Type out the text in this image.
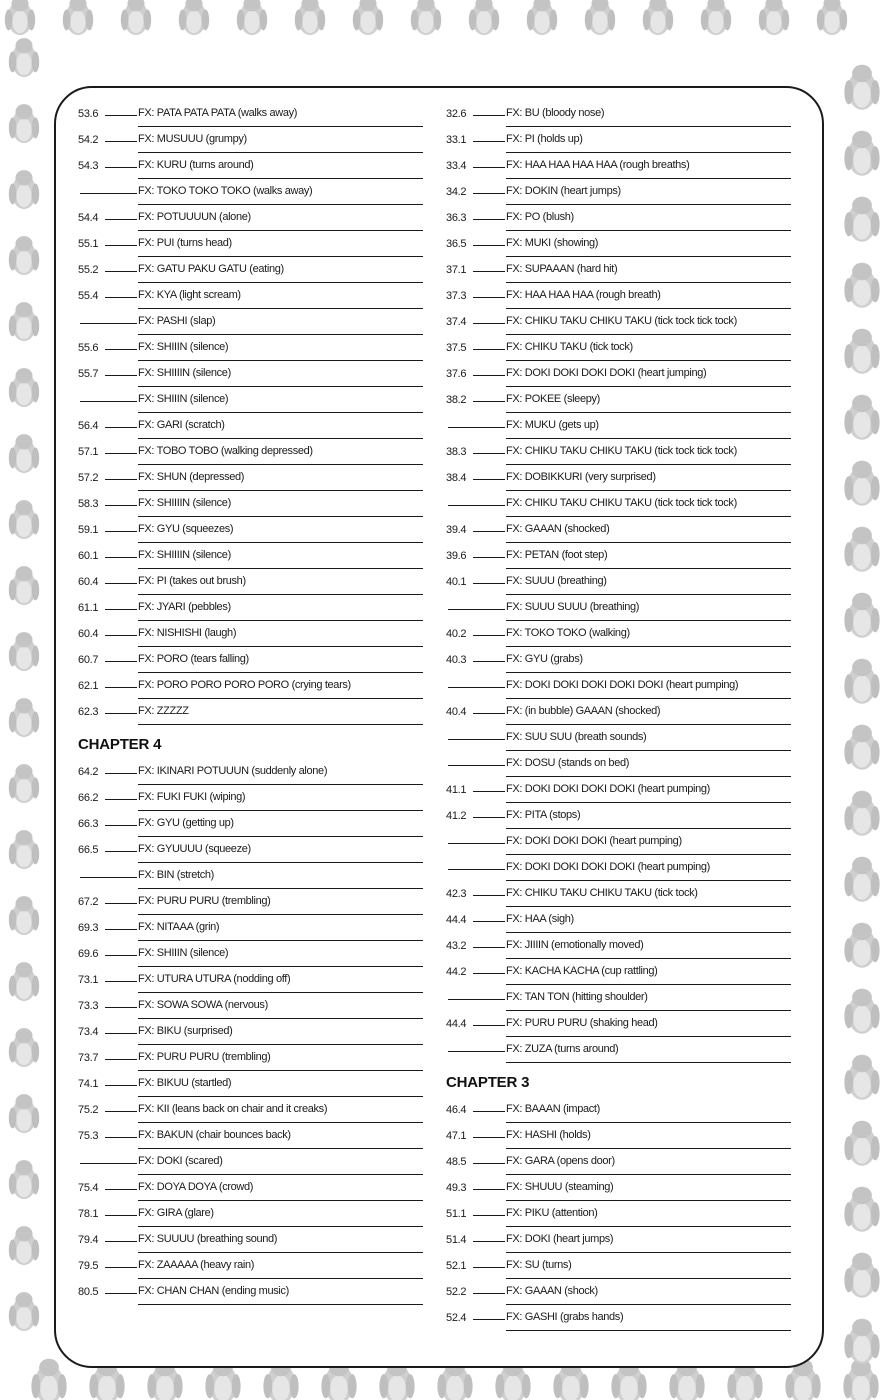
53.6	FX: PATA PATA PATA (walks away)
54.2	FX: MUSUUU (grumpy)
54.3	FX: KURU (turns around)
FX: TOKO TOKO TOKO (walks away)
54.4	FX: POTUUUUN (alone)
55.1	FX: PUI (turns head)
55.2	FX: GATU PAKU GATU (eating)
55.4	FX: KYA (light scream)
FX: PASHI (slap)
55.6	FX: SHIIIN (silence)
55.7	FX: SHIIIIN (silence)
FX: SHIIIN (silence)
56.4	FX: GARI (scratch)
57.1	FX: TOBO TOBO (walking depressed)
57.2	FX: SHUN (depressed)
58.3	FX: SHIIIIN (silence)
59.1	FX: GYU (squeezes)
60.1	FX: SHIIIIN (silence)
60.4	FX: PI (takes out brush)
61.1	FX: JYARI (pebbles)
60.4	FX: NISHISHI (laugh)
60.7	FX: PORO (tears falling)
62.1	FX: PORO PORO PORO PORO (crying tears)
62.3	FX: ZZZZZ
CHAPTER 4
64.2	FX: IKINARI POTUUUN (suddenly alone)
66.2	FX: FUKI FUKI (wiping)
66.3	FX: GYU (getting up)
66.5	FX: GYUUUU (squeeze)
FX: BIN (stretch)
67.2	FX: PURU PURU (trembling)
69.3	FX: NITAAA (grin)
69.6	FX: SHIIIN (silence)
73.1	FX: UTURA UTURA (nodding off)
73.3	FX: SOWA SOWA (nervous)
73.4	FX: BIKU (surprised)
73.7	FX: PURU PURU (trembling)
74.1	FX: BIKUU (startled)
75.2	FX: KII (leans back on chair and it creaks)
75.3	FX: BAKUN (chair bounces back)
FX: DOKI (scared)
75.4	FX: DOYA DOYA (crowd)
78.1	FX: GIRA (glare)
79.4	FX: SUUUU (breathing sound)
79.5	FX: ZAAAAA (heavy rain)
80.5	FX: CHAN CHAN (ending music)
32.6	FX: BU (bloody nose)
33.1	FX: PI (holds up)
33.4	FX: HAA HAA HAA HAA (rough breaths)
34.2	FX: DOKIN (heart jumps)
36.3	FX: PO (blush)
36.5	FX: MUKI (showing)
37.1	FX: SUPAAAN (hard hit)
37.3	FX: HAA HAA HAA (rough breath)
37.4	FX: CHIKU TAKU CHIKU TAKU (tick tock tick tock)
37.5	FX: CHIKU TAKU (tick tock)
37.6	FX: DOKI DOKI DOKI DOKI (heart jumping)
38.2	FX: POKEE (sleepy)
FX: MUKU (gets up)
38.3	FX: CHIKU TAKU CHIKU TAKU (tick tock tick tock)
38.4	FX: DOBIKKURI (very surprised)
FX: CHIKU TAKU CHIKU TAKU (tick tock tick tock)
39.4	FX: GAAAN (shocked)
39.6	FX: PETAN (foot step)
40.1	FX: SUUU (breathing)
FX: SUUU SUUU (breathing)
40.2	FX: TOKO TOKO (walking)
40.3	FX: GYU (grabs)
FX: DOKI DOKI DOKI DOKI DOKI (heart pumping)
40.4	FX: (in bubble) GAAAN (shocked)
FX: SUU SUU (breath sounds)
FX: DOSU (stands on bed)
41.1	FX: DOKI DOKI DOKI DOKI (heart pumping)
41.2	FX: PITA (stops)
FX: DOKI DOKI DOKI (heart pumping)
FX: DOKI DOKI DOKI DOKI (heart pumping)
42.3	FX: CHIKU TAKU CHIKU TAKU (tick tock)
44.4	FX: HAA (sigh)
43.2	FX: JIIIIN (emotionally moved)
44.2	FX: KACHA KACHA (cup rattling)
FX: TAN TON (hitting shoulder)
44.4	FX: PURU PURU (shaking head)
FX: ZUZA (turns around)
CHAPTER 3
46.4	FX: BAAAN (impact)
47.1	FX: HASHI (holds)
48.5	FX: GARA (opens door)
49.3	FX: SHUUU (steaming)
51.1	FX: PIKU (attention)
51.4	FX: DOKI (heart jumps)
52.1	FX: SU (turns)
52.2	FX: GAAAN (shock)
52.4	FX: GASHI (grabs hands)
